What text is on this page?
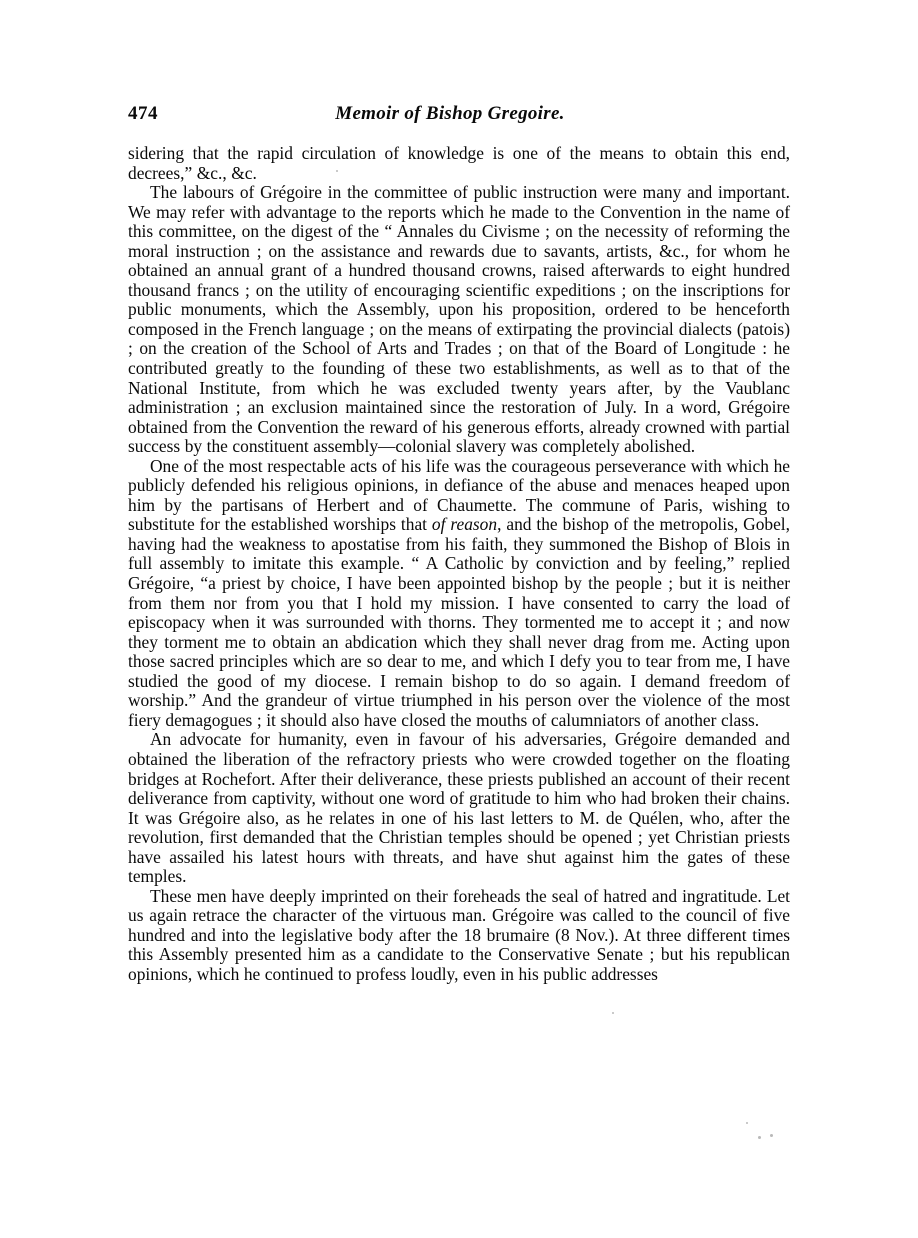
474	Memoir of Bishop Gregoire.

sidering that the rapid circulation of knowledge is one of the means to obtain this end, decrees,” &c., &c.

The labours of Grégoire in the committee of public instruction were many and important. We may refer with advantage to the reports which he made to the Convention in the name of this committee, on the digest of the “ Annales du Civisme ; on the necessity of reforming the moral instruction ; on the assistance and rewards due to savants, artists, &c., for whom he obtained an annual grant of a hundred thousand crowns, raised afterwards to eight hundred thousand francs ; on the utility of encouraging scientific expeditions ; on the inscriptions for public monuments, which the Assembly, upon his proposition, ordered to be henceforth composed in the French language ; on the means of extirpating the provincial dialects (patois) ; on the creation of the School of Arts and Trades ; on that of the Board of Longitude : he contributed greatly to the founding of these two establishments, as well as to that of the National Institute, from which he was excluded twenty years after, by the Vaublanc administration ; an exclusion maintained since the restoration of July. In a word, Grégoire obtained from the Convention the reward of his generous efforts, already crowned with partial success by the constituent assembly—colonial slavery was completely abolished.

One of the most respectable acts of his life was the courageous perseverance with which he publicly defended his religious opinions, in defiance of the abuse and menaces heaped upon him by the partisans of Herbert and of Chaumette. The commune of Paris, wishing to substitute for the established worships that of reason, and the bishop of the metropolis, Gobel, having had the weakness to apostatise from his faith, they summoned the Bishop of Blois in full assembly to imitate this example. “ A Catholic by conviction and by feeling,” replied Grégoire, “a priest by choice, I have been appointed bishop by the people ; but it is neither from them nor from you that I hold my mission. I have consented to carry the load of episcopacy when it was surrounded with thorns. They tormented me to accept it ; and now they torment me to obtain an abdication which they shall never drag from me. Acting upon those sacred principles which are so dear to me, and which I defy you to tear from me, I have studied the good of my diocese. I remain bishop to do so again. I demand freedom of worship.” And the grandeur of virtue triumphed in his person over the violence of the most fiery demagogues ; it should also have closed the mouths of calumniators of another class.

An advocate for humanity, even in favour of his adversaries, Grégoire demanded and obtained the liberation of the refractory priests who were crowded together on the floating bridges at Rochefort. After their deliverance, these priests published an account of their recent deliverance from captivity, without one word of gratitude to him who had broken their chains. It was Grégoire also, as he relates in one of his last letters to M. de Quélen, who, after the revolution, first demanded that the Christian temples should be opened ; yet Christian priests have assailed his latest hours with threats, and have shut against him the gates of these temples.

These men have deeply imprinted on their foreheads the seal of hatred and ingratitude. Let us again retrace the character of the virtuous man. Grégoire was called to the council of five hundred and into the legislative body after the 18 brumaire (8 Nov.). At three different times this Assembly presented him as a candidate to the Conservative Senate ; but his republican opinions, which he continued to profess loudly, even in his public addresses
